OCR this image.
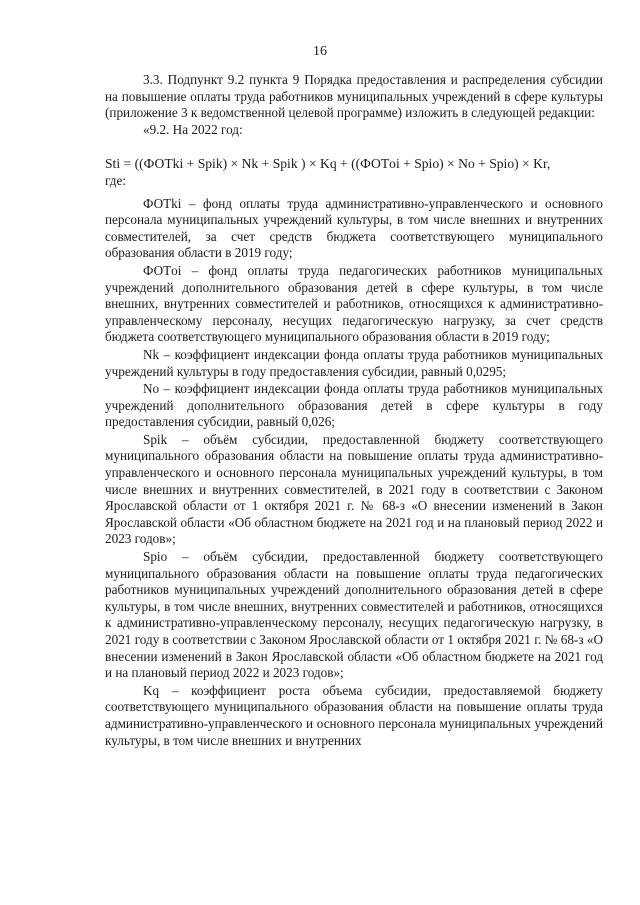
16

3.3. Подпункт 9.2 пункта 9 Порядка предоставления и распределения субсидии на повышение оплаты труда работников муниципальных учреждений в сфере культуры (приложение 3 к ведомственной целевой программе) изложить в следующей редакции:

«9.2. На 2022 год:

Sti = ((ФОТki + Spik) × Nk + Spik ) × Kq + ((ФОТoi + Spio) × No + Spio) × Kr,

где:

ФОТki – фонд оплаты труда административно-управленческого и основного персонала муниципальных учреждений культуры, в том числе внешних и внутренних совместителей, за счет средств бюджета соответствующего муниципального образования области в 2019 году;

ФОТoi – фонд оплаты труда педагогических работников муниципальных учреждений дополнительного образования детей в сфере культуры, в том числе внешних, внутренних совместителей и работников, относящихся к административно-управленческому персоналу, несущих педагогическую нагрузку, за счет средств бюджета соответствующего муниципального образования области в 2019 году;

Nk – коэффициент индексации фонда оплаты труда работников муниципальных учреждений культуры в году предоставления субсидии, равный 0,0295;

No – коэффициент индексации фонда оплаты труда работников муниципальных учреждений дополнительного образования детей в сфере культуры в году предоставления субсидии, равный 0,026;

Spik – объём субсидии, предоставленной бюджету соответствующего муниципального образования области на повышение оплаты труда административно-управленческого и основного персонала муниципальных учреждений культуры, в том числе внешних и внутренних совместителей, в 2021 году в соответствии с Законом Ярославской области от 1 октября 2021 г. № 68-з «О внесении изменений в Закон Ярославской области «Об областном бюджете на 2021 год и на плановый период 2022 и 2023 годов»;

Spio – объём субсидии, предоставленной бюджету соответствующего муниципального образования области на повышение оплаты труда педагогических работников муниципальных учреждений дополнительного образования детей в сфере культуры, в том числе внешних, внутренних совместителей и работников, относящихся к административно-управленческому персоналу, несущих педагогическую нагрузку, в 2021 году в соответствии с Законом Ярославской области от 1 октября 2021 г. № 68-з «О внесении изменений в Закон Ярославской области «Об областном бюджете на 2021 год и на плановый период 2022 и 2023 годов»;

Kq – коэффициент роста объема субсидии, предоставляемой бюджету соответствующего муниципального образования области на повышение оплаты труда административно-управленческого и основного персонала муниципальных учреждений культуры, в том числе внешних и внутренних
